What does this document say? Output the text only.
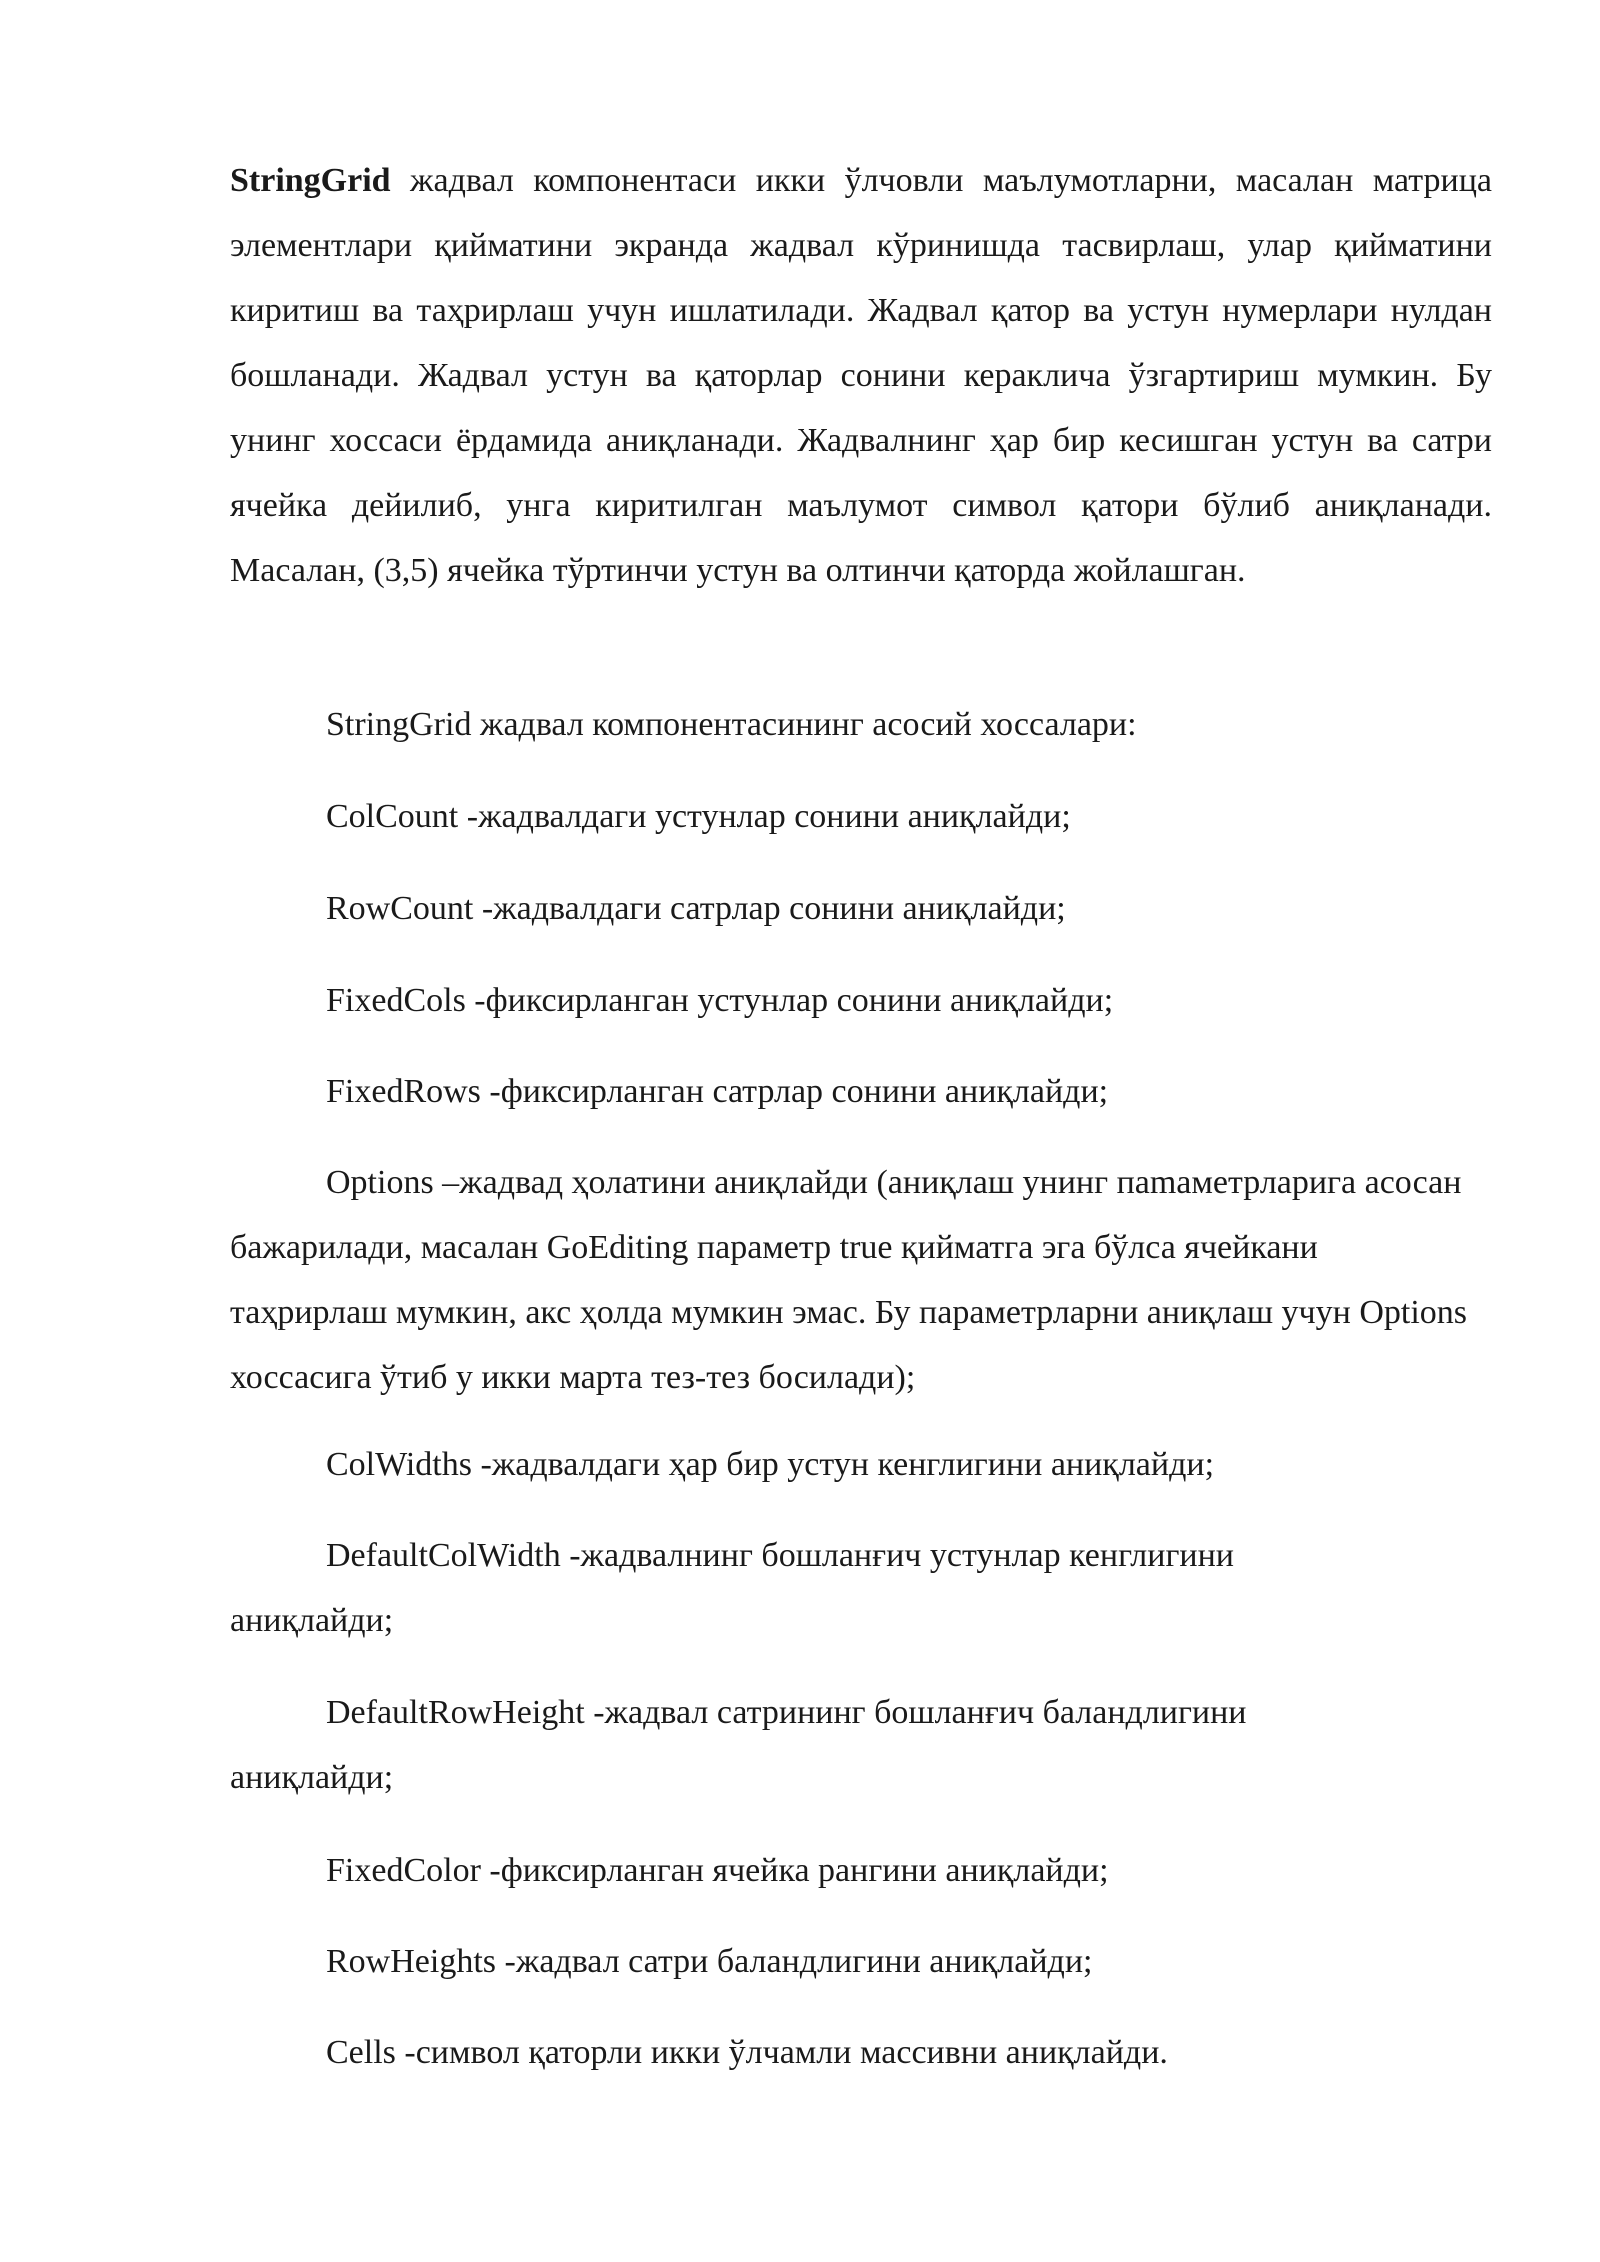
StringGrid жадвал компонентаси икки ўлчовли маълумотларни, масалан матрица элементлари қийматини экранда жадвал кўринишда тасвирлаш, улар қийматини киритиш ва таҳрирлаш учун ишлатилади. Жадвал қатор ва устун нумерлари нулдан бошланади. Жадвал устун ва қаторлар сонини кераклича ўзгартириш мумкин. Бу унинг хоссаси ёрдамида аниқланади. Жадвалнинг ҳар бир кесишган устун ва сатри ячейка дейилиб, унга киритилган маълумот символ қатори бўлиб аниқланади. Масалан, (3,5) ячейка тўртинчи устун ва олтинчи қаторда жойлашган.

StringGrid жадвал компонентасининг асосий хоссалари:

ColCount -жадвалдаги устунлар сонини аниқлайди;

RowCount -жадвалдаги сатрлар сонини аниқлайди;

FixedCols -фиксирланган устунлар сонини аниқлайди;

FixedRows -фиксирланган сатрлар сонини аниқлайди;

Options –жадвад ҳолатини аниқлайди (аниқлаш унинг пamaметрларига асосан бажарилади, масалан GoEditing параметр true қийматга эга бўлса ячейкани таҳрирлаш мумкин, акс ҳолда мумкин эмас. Бу параметрларни аниқлаш учун Options хоссасига ўтиб у икки марта тез-тез босилади);

ColWidths -жадвалдаги ҳар бир устун кенглигини аниқлайди;

DefaultColWidth -жадвалнинг бошланғич устунлар кенглигини аниқлайди;

DefaultRowHeight -жадвал сатрининг бошланғич баландлигини аниқлайди;

FixedColor -фиксирланган ячейка рангини аниқлайди;

RowHeights -жадвал сатри баландлигини аниқлайди;

Cells -символ қаторли икки ўлчамли массивни аниқлайди.
